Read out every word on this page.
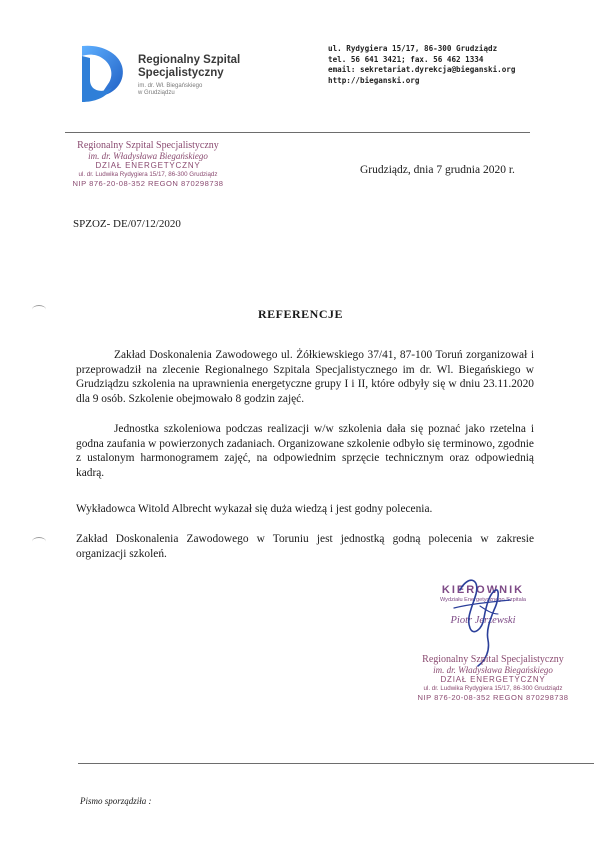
Regionalny Szpital
Specjalistyczny
im. dr. Wł. Biegańskiego
w Grudziądzu
ul. Rydygiera 15/17, 86-300 Grudziądz
tel. 56 641 3421; fax. 56 462 1334
email: sekretariat.dyrekcja@bieganski.org
http://bieganski.org
Regionalny Szpital Specjalistyczny
im. dr. Władysława Biegańskiego
DZIAŁ ENERGETYCZNY
ul. dr. Ludwika Rydygiera 15/17, 86-300 Grudziądz
NIP 876-20-08-352 REGON 870298738
Grudziądz, dnia 7 grudnia 2020 r.
SPZOZ- DE/07/12/2020
REFERENCJE
Zakład Doskonalenia Zawodowego ul. Żółkiewskiego 37/41, 87-100 Toruń zorganizował i przeprowadził na zlecenie Regionalnego Szpitala Specjalistycznego im dr. Wl. Biegańskiego w Grudziądzu szkolenia na uprawnienia energetyczne grupy I i II, które odbyły się w dniu 23.11.2020 dla 9 osób. Szkolenie obejmowało 8 godzin zajęć.
Jednostka szkoleniowa podczas realizacji w/w szkolenia dała się poznać jako rzetelna i godna zaufania w powierzonych zadaniach. Organizowane szkolenie odbyło się terminowo, zgodnie z ustalonym harmonogramem zajęć, na odpowiednim sprzęcie technicznym oraz odpowiednią kadrą.
Wykładowca Witold Albrecht wykazał się duża wiedzą i jest godny polecenia.
Zakład Doskonalenia Zawodowego w Toruniu jest jednostką godną polecenia w zakresie organizacji szkoleń.
KIEROWNIK
Wydziału Energetycznego Szpitala
Piotr Jerzewski
Regionalny Szpital Specjalistyczny
im. dr. Władysława Biegańskiego
DZIAŁ ENERGETYCZNY
ul. dr. Ludwika Rydygiera 15/17, 86-300 Grudziądz
NIP 876-20-08-352 REGON 870298738
Pismo sporządziła :
